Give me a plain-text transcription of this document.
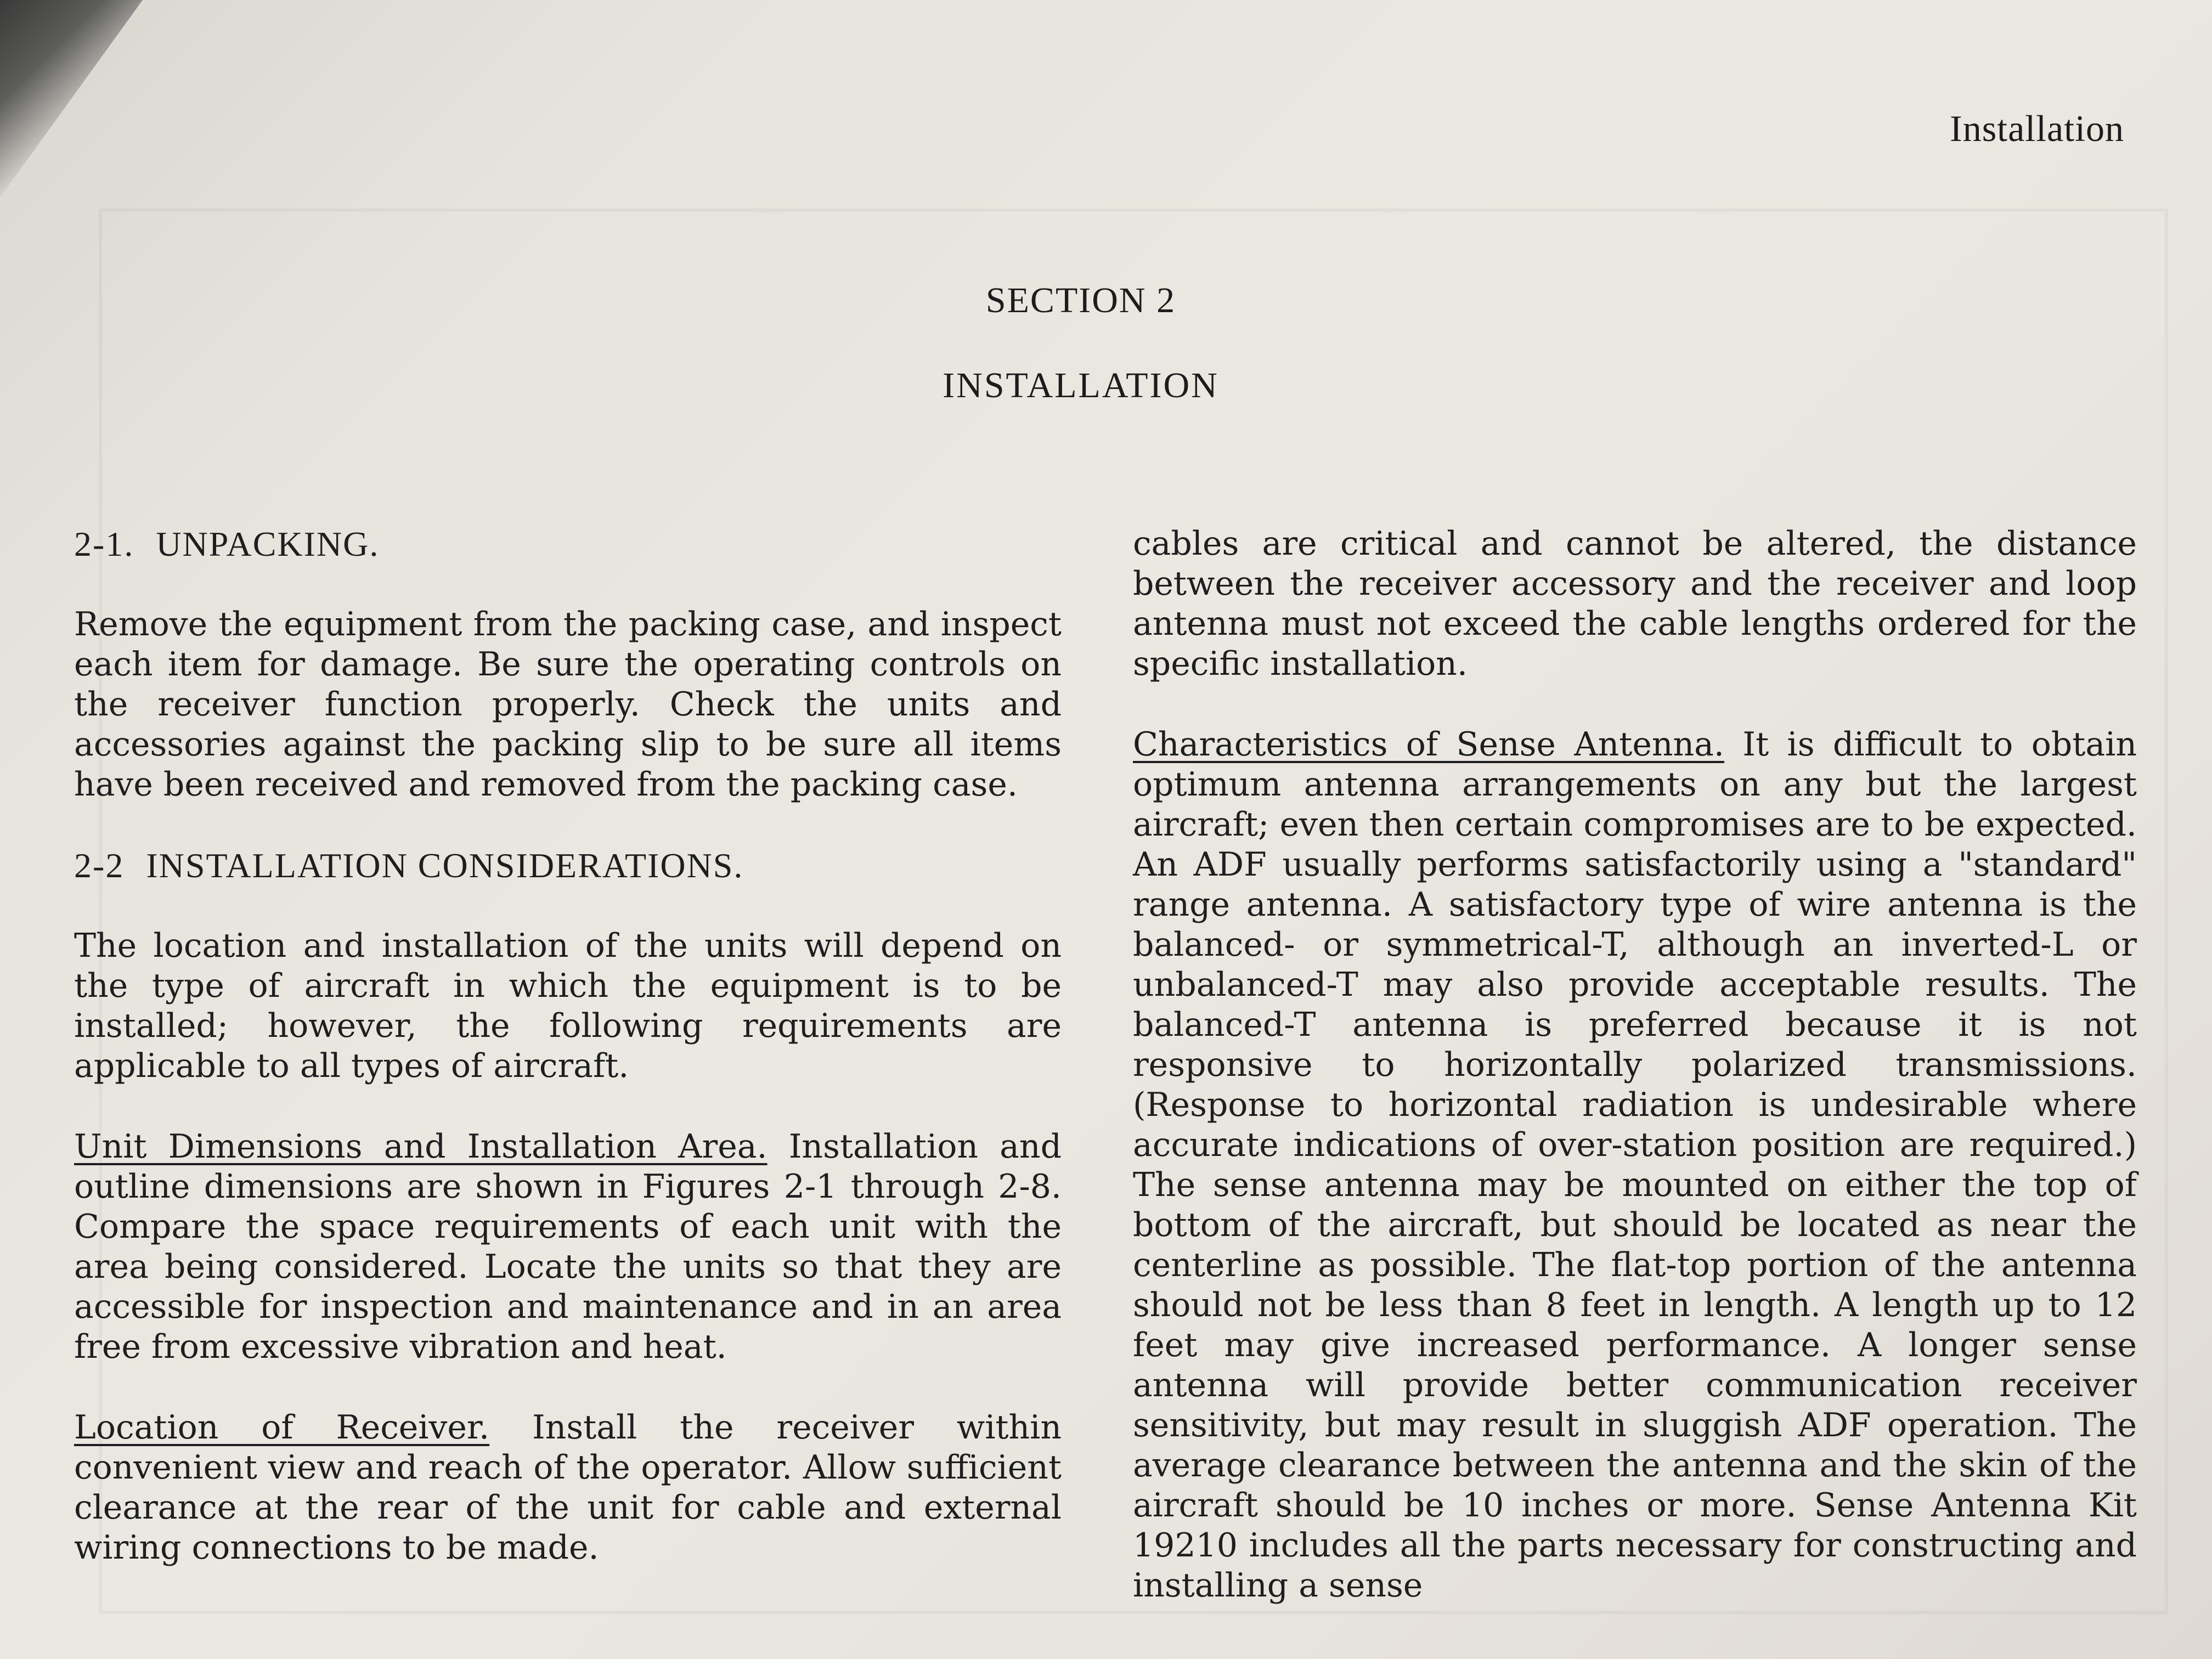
Installation
SECTION 2
INSTALLATION
2-1. UNPACKING.

Remove the equipment from the packing case, and inspect each item for damage. Be sure the operating controls on the receiver function properly. Check the units and accessories against the packing slip to be sure all items have been received and removed from the packing case.

2-2 INSTALLATION CONSIDERATIONS.

The location and installation of the units will depend on the type of aircraft in which the equipment is to be installed; however, the following requirements are applicable to all types of aircraft.

Unit Dimensions and Installation Area. Installation and outline dimensions are shown in Figures 2-1 through 2-8. Compare the space requirements of each unit with the area being considered. Locate the units so that they are accessible for inspection and maintenance and in an area free from excessive vibration and heat.

Location of Receiver. Install the receiver within convenient view and reach of the operator. Allow sufficient clearance at the rear of the unit for cable and external wiring connections to be made.

cables are critical and cannot be altered, the distance between the receiver accessory and the receiver and loop antenna must not exceed the cable lengths ordered for the specific installation.

Characteristics of Sense Antenna. It is difficult to obtain optimum antenna arrangements on any but the largest aircraft; even then certain compromises are to be expected. An ADF usually performs satisfactorily using a "standard" range antenna. A satisfactory type of wire antenna is the balanced- or symmetrical-T, although an inverted-L or unbalanced-T may also provide acceptable results. The balanced-T antenna is preferred because it is not responsive to horizontally polarized transmissions. (Response to horizontal radiation is undesirable where accurate indications of over-station position are required.) The sense antenna may be mounted on either the top of bottom of the aircraft, but should be located as near the centerline as possible. The flat-top portion of the antenna should not be less than 8 feet in length. A length up to 12 feet may give increased performance. A longer sense antenna will provide better communication receiver sensitivity, but may result in sluggish ADF operation. The average clearance between the antenna and the skin of the aircraft should be 10 inches or more. Sense Antenna Kit 19210 includes all the parts necessary for constructing and installing a sense
